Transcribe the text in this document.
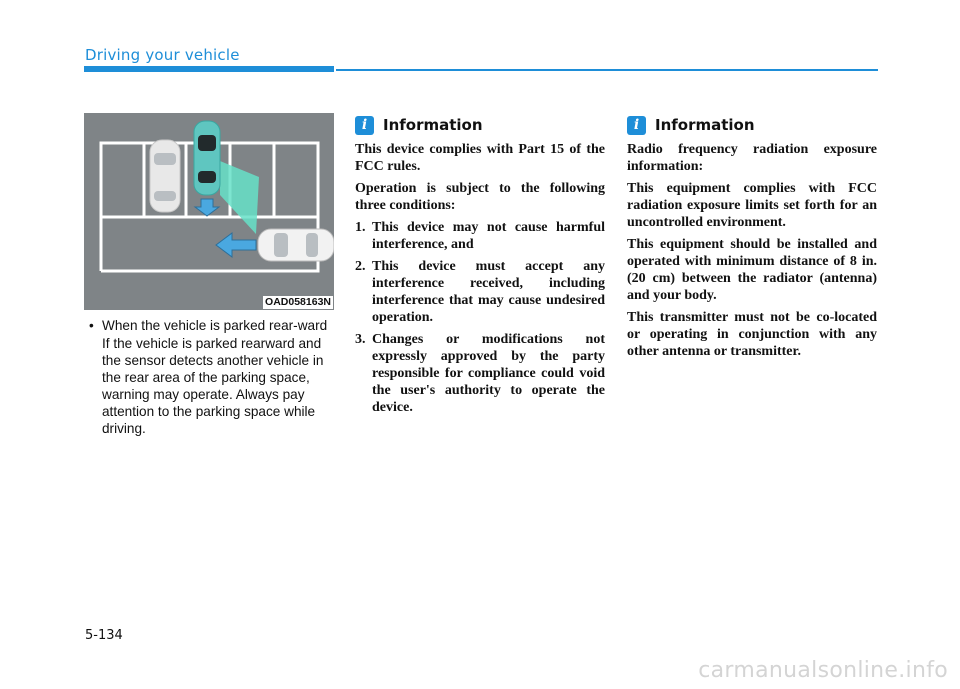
Driving your vehicle
OAD058163N
• When the vehicle is parked rear-ward
If the vehicle is parked rearward and the sensor detects another vehicle in the rear area of the parking space, warning may operate. Always pay attention to the parking space while driving.
i	Information

This device complies with Part 15 of the FCC rules.

Operation is subject to the following three conditions:

1. This device may not cause harmful interference, and
2. This device must accept any interference received, including interference that may cause undesired operation.
3. Changes or modifications not expressly approved by the party responsible for compliance could void the user's authority to operate the device.
i	Information

Radio frequency radiation exposure information:

This equipment complies with FCC radiation exposure limits set forth for an uncontrolled environment.

This equipment should be installed and operated with minimum distance of 8 in. (20 cm) between the radiator (antenna) and your body.

This transmitter must not be co-located or operating in conjunction with any other antenna or transmitter.

5-134
carmanualsonline.info
